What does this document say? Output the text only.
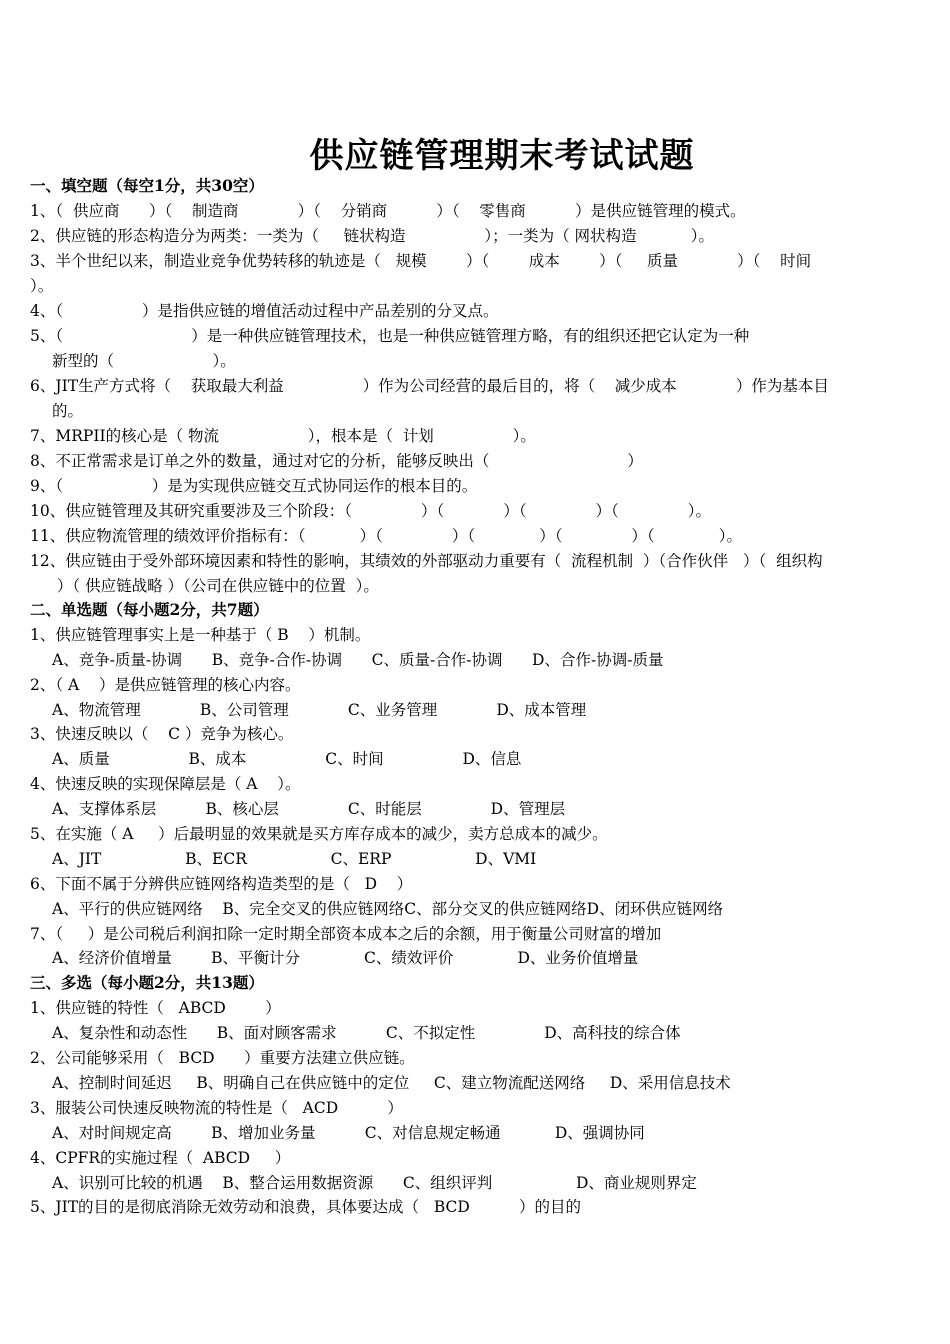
供应链管理期末考试试题
一、填空题（每空1分，共30空）
1、（  供应商      ）（    制造商            ）（    分销商          ）（    零售商          ）是供应链管理的模式。
2、供应链的形态构造分为两类：一类为（     链状构造                ）；一类为（ 网状构造           ）。
3、半个世纪以来，制造业竞争优势转移的轨迹是（   规模        ）（        成本        ）（     质量            ）（    时间
）。
4、（                ）是指供应链的增值活动过程中产品差别的分叉点。
5、（                          ）是一种供应链管理技术，也是一种供应链管理方略，有的组织还把它认定为一种
新型的（                    ）。
6、JIT生产方式将（    获取最大利益                ）作为公司经营的最后目的，将（    减少成本            ）作为基本目
的。
7、MRPII的核心是（ 物流                  ），根本是（  计划                ）。
8、不正常需求是订单之外的数量，通过对它的分析，能够反映出（                            ）
9、（                  ）是为实现供应链交互式协同运作的根本目的。
10、供应链管理及其研究重要涉及三个阶段：（              ）（            ）（              ）（              ）。
11、供应物流管理的绩效评价指标有：（           ）（              ）（             ）（              ）（             ）。
12、供应链由于受外部环境因素和特性的影响，其绩效的外部驱动力重要有（  流程机制  ）（合作伙伴   ）（  组织构
）（ 供应链战略 ）（公司在供应链中的位置  ）。
二、单选题（每小题2分，共7题）
1、供应链管理事实上是一种基于（ B    ）机制。
A、竞争-质量-协调      B、竞争-合作-协调      C、质量-合作-协调      D、合作-协调-质量
2、（ A    ）是供应链管理的核心内容。
A、物流管理            B、公司管理            C、业务管理            D、成本管理
3、快速反映以（    C ）竞争为核心。
A、质量                B、成本                C、时间                D、信息
4、快速反映的实现保障层是（ A    ）。
A、支撑体系层          B、核心层              C、时能层              D、管理层
5、在实施（ A     ）后最明显的效果就是买方库存成本的减少，卖方总成本的减少。
A、JIT                 B、ECR                 C、ERP                 D、VMI
6、下面不属于分辨供应链网络构造类型的是（   D    ）
A、平行的供应链网络    B、完全交叉的供应链网络C、部分交叉的供应链网络D、闭环供应链网络
7、（     ）是公司税后利润扣除一定时期全部资本成本之后的余额，用于衡量公司财富的增加
A、经济价值增量        B、平衡计分             C、绩效评价             D、业务价值增量
三、多选（每小题2分，共13题）
1、供应链的特性（   ABCD        ）
A、复杂性和动态性      B、面对顾客需求          C、不拟定性              D、高科技的综合体
2、公司能够采用（   BCD      ）重要方法建立供应链。
A、控制时间延迟     B、明确自己在供应链中的定位     C、建立物流配送网络     D、采用信息技术
3、服装公司快速反映物流的特性是（   ACD          ）
A、对时间规定高        B、增加业务量          C、对信息规定畅通           D、强调协同
4、CPFR的实施过程（  ABCD     ）
A、识别可比较的机遇    B、整合运用数据资源      C、组织评判                 D、商业规则界定
5、JIT的目的是彻底消除无效劳动和浪费，具体要达成（   BCD          ）的目的
